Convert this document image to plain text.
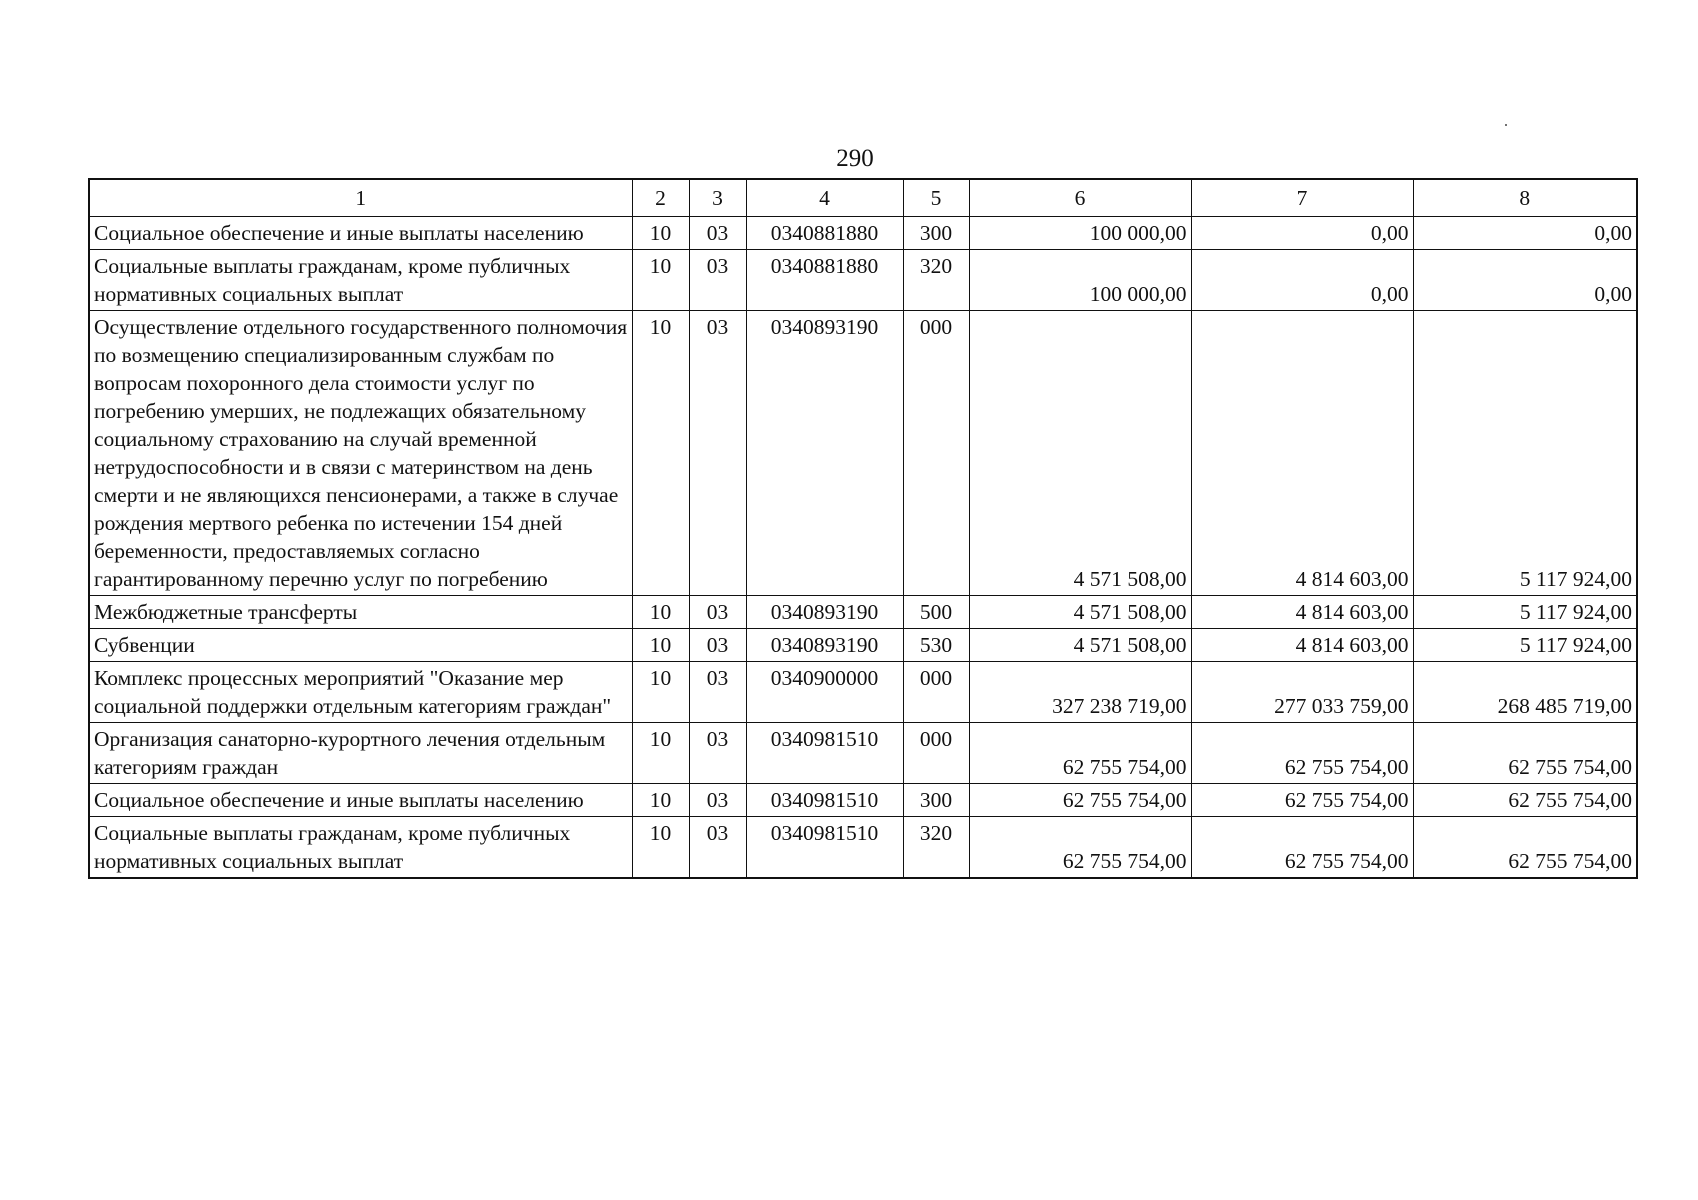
290
1	2	3	4	5	6	7	8
Социальное обеспечение и иные выплаты населению	10	03	0340881880	300	100 000,00	0,00	0,00
Социальные выплаты гражданам, кроме публичных нормативных социальных выплат	10	03	0340881880	320	100 000,00	0,00	0,00
Осуществление отдельного государственного полномочия по возмещению специализированным службам по вопросам похоронного дела стоимости услуг по погребению умерших, не подлежащих обязательному социальному страхованию на случай временной нетрудоспособности и в связи с материнством на день смерти и не являющихся пенсионерами, а также в случае рождения мертвого ребенка по истечении 154 дней беременности, предоставляемых согласно гарантированному перечню услуг по погребению	10	03	0340893190	000	4 571 508,00	4 814 603,00	5 117 924,00
Межбюджетные трансферты	10	03	0340893190	500	4 571 508,00	4 814 603,00	5 117 924,00
Субвенции	10	03	0340893190	530	4 571 508,00	4 814 603,00	5 117 924,00
Комплекс процессных мероприятий "Оказание мер социальной поддержки отдельным категориям граждан"	10	03	0340900000	000	327 238 719,00	277 033 759,00	268 485 719,00
Организация санаторно-курортного лечения отдельным категориям граждан	10	03	0340981510	000	62 755 754,00	62 755 754,00	62 755 754,00
Социальное обеспечение и иные выплаты населению	10	03	0340981510	300	62 755 754,00	62 755 754,00	62 755 754,00
Социальные выплаты гражданам, кроме публичных нормативных социальных выплат	10	03	0340981510	320	62 755 754,00	62 755 754,00	62 755 754,00
